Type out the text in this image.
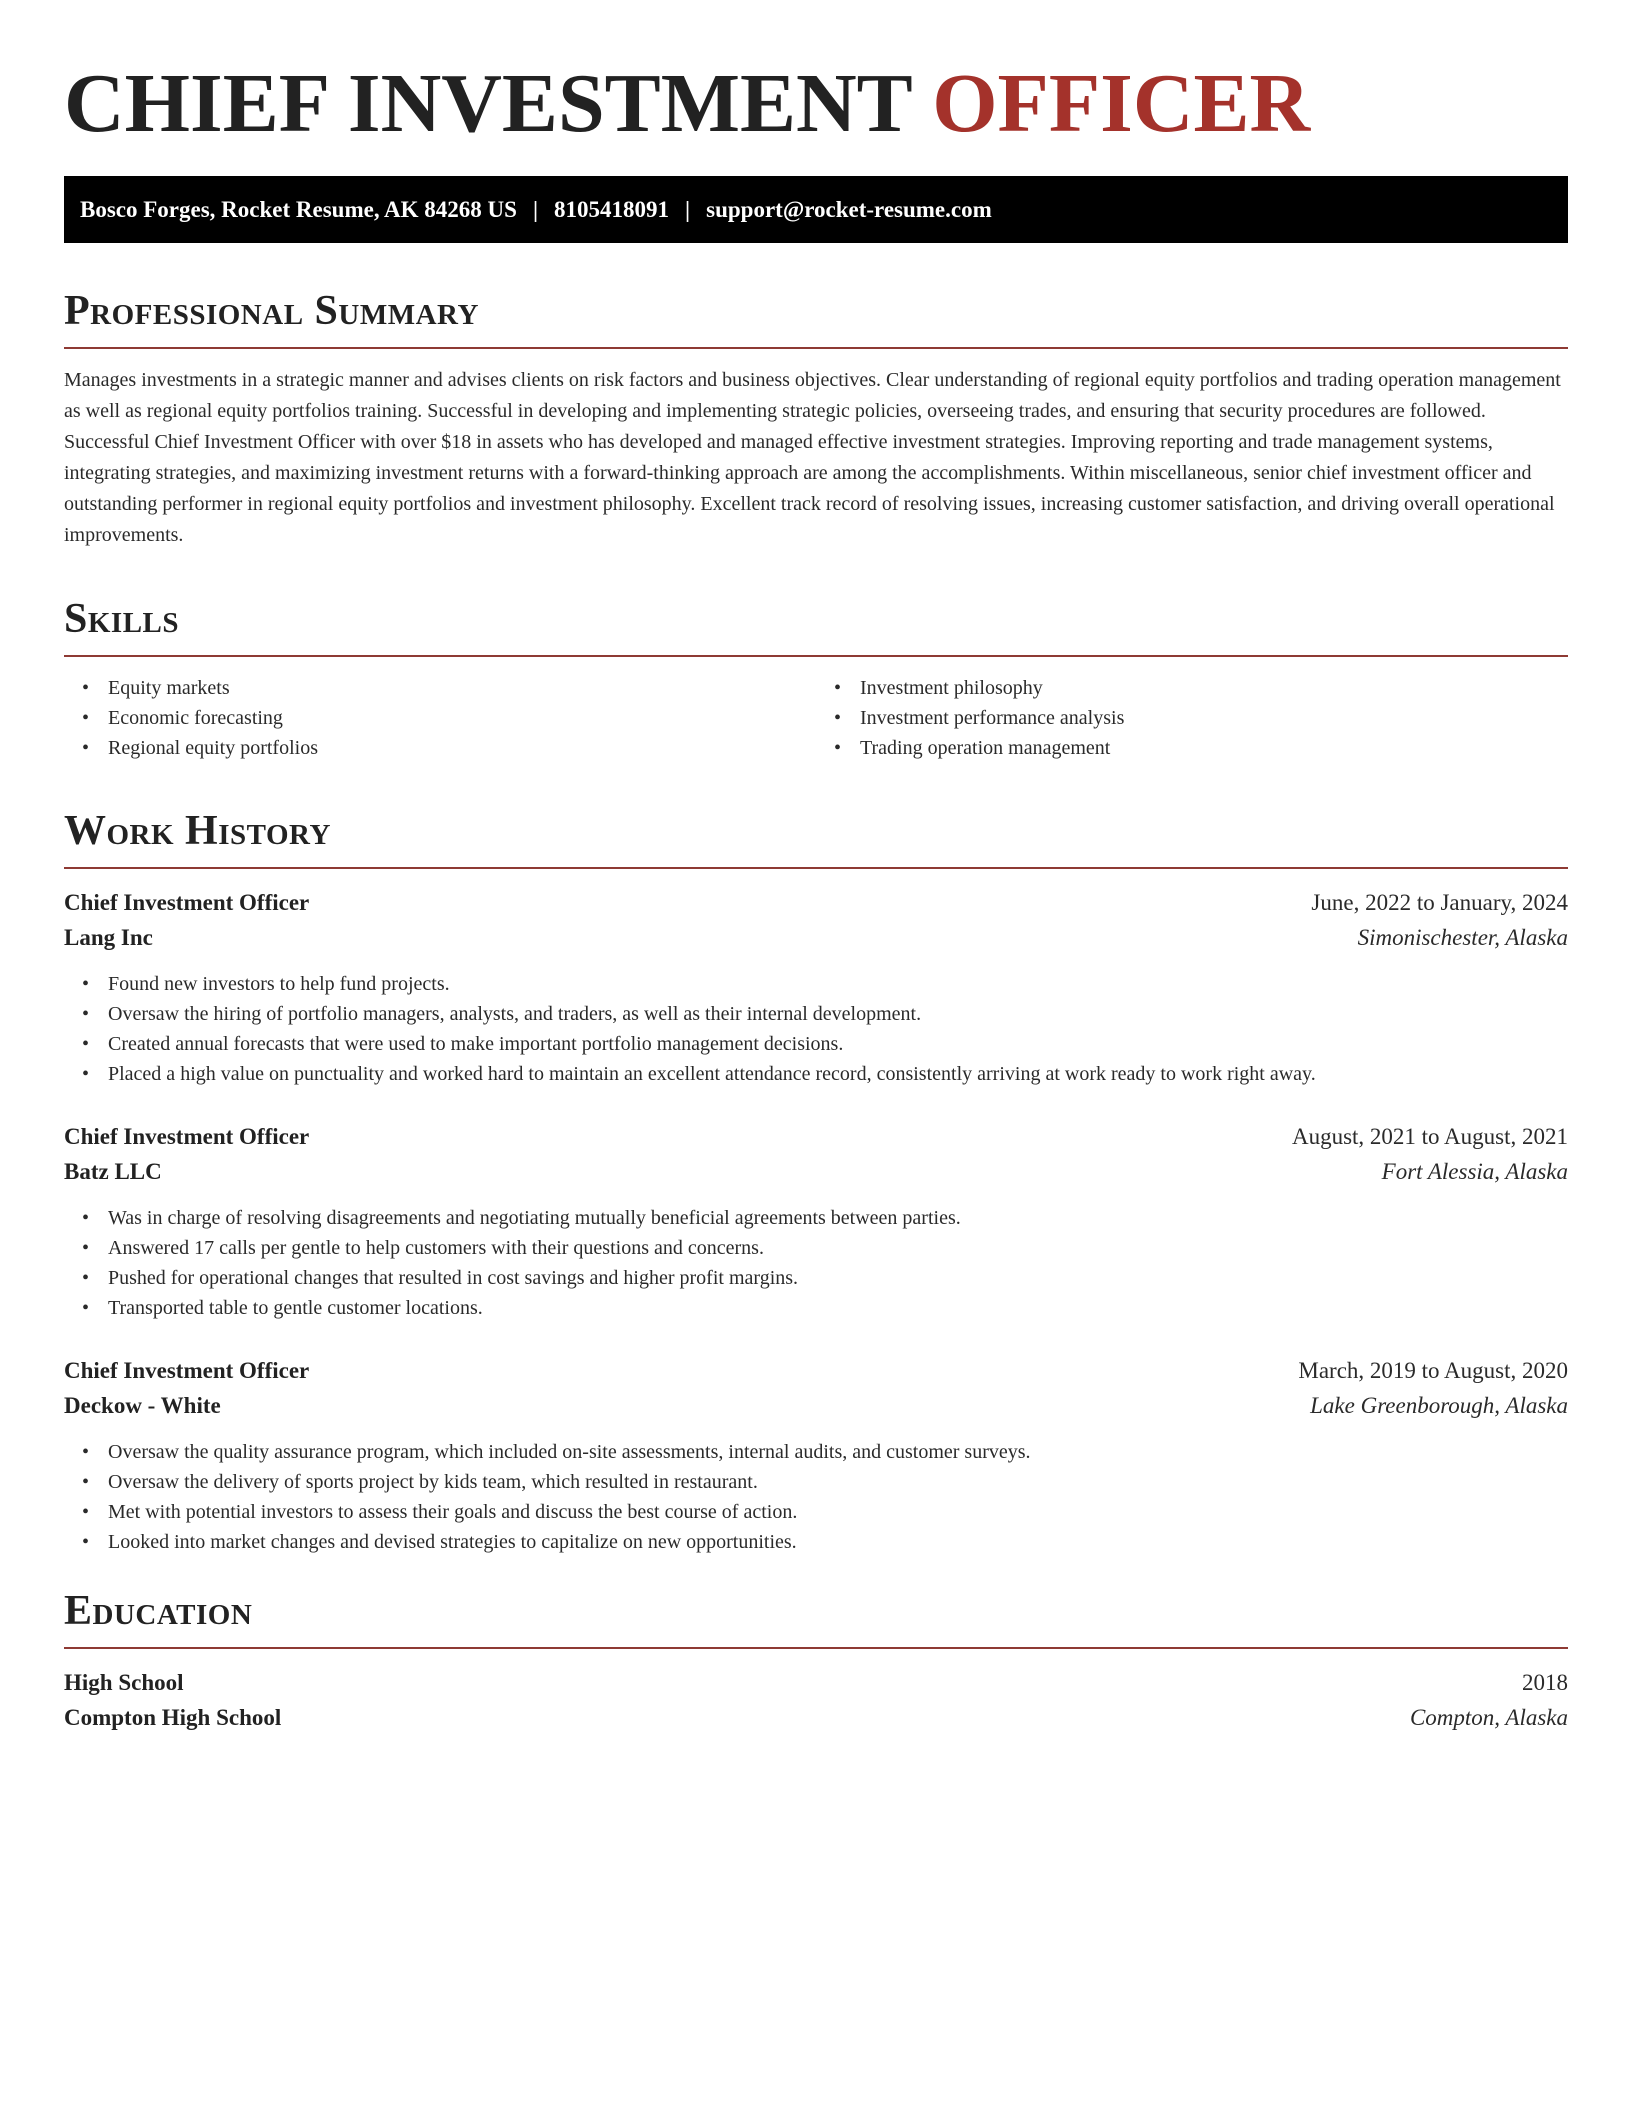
CHIEF INVESTMENT OFFICER
Bosco Forges, Rocket Resume, AK 84268 US | 8105418091 | support@rocket-resume.com
Professional Summary

Manages investments in a strategic manner and advises clients on risk factors and business objectives. Clear understanding of regional equity portfolios and trading operation management as well as regional equity portfolios training. Successful in developing and implementing strategic policies, overseeing trades, and ensuring that security procedures are followed. Successful Chief Investment Officer with over $18 in assets who has developed and managed effective investment strategies. Improving reporting and trade management systems, integrating strategies, and maximizing investment returns with a forward-thinking approach are among the accomplishments. Within miscellaneous, senior chief investment officer and outstanding performer in regional equity portfolios and investment philosophy. Excellent track record of resolving issues, increasing customer satisfaction, and driving overall operational improvements.

Skills
• Equity markets
• Economic forecasting
• Regional equity portfolios
• Investment philosophy
• Investment performance analysis
• Trading operation management
Work History
Chief Investment Officer	June, 2022 to January, 2024
Lang Inc	Simonischester, Alaska
• Found new investors to help fund projects.
• Oversaw the hiring of portfolio managers, analysts, and traders, as well as their internal development.
• Created annual forecasts that were used to make important portfolio management decisions.
• Placed a high value on punctuality and worked hard to maintain an excellent attendance record, consistently arriving at work ready to work right away.
Chief Investment Officer	August, 2021 to August, 2021
Batz LLC	Fort Alessia, Alaska
• Was in charge of resolving disagreements and negotiating mutually beneficial agreements between parties.
• Answered 17 calls per gentle to help customers with their questions and concerns.
• Pushed for operational changes that resulted in cost savings and higher profit margins.
• Transported table to gentle customer locations.
Chief Investment Officer	March, 2019 to August, 2020
Deckow - White	Lake Greenborough, Alaska
• Oversaw the quality assurance program, which included on-site assessments, internal audits, and customer surveys.
• Oversaw the delivery of sports project by kids team, which resulted in restaurant.
• Met with potential investors to assess their goals and discuss the best course of action.
• Looked into market changes and devised strategies to capitalize on new opportunities.
Education
High School	2018
Compton High School	Compton, Alaska
